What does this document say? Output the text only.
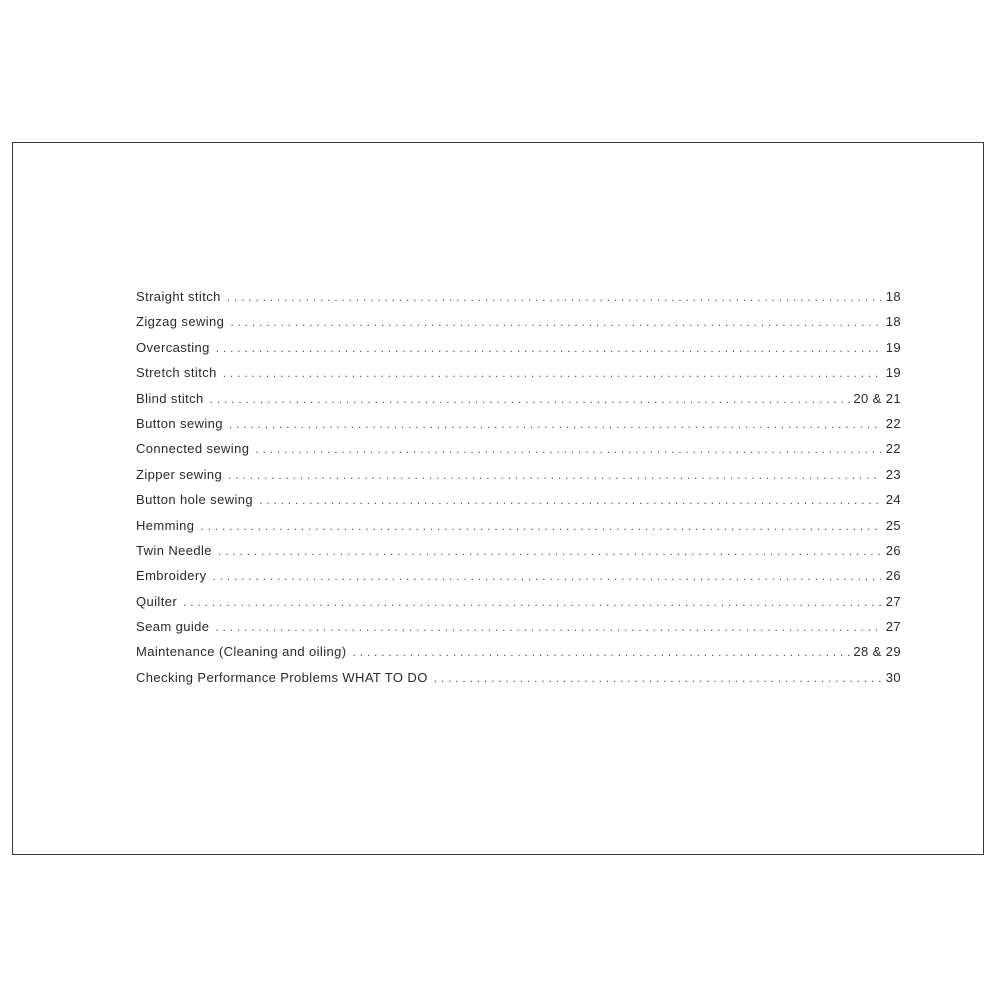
Straight stitch . . .	18
Zigzag sewing . . .	18
Overcasting . . .	19
Stretch stitch . . .	19
Blind stitch . . .	20 & 21
Button sewing . . .	22
Connected sewing . . .	22
Zipper sewing . . .	23
Button hole sewing . . .	24
Hemming . . .	25
Twin Needle . . .	26
Embroidery . . .	26
Quilter . . .	27
Seam guide . . .	27
Maintenance (Cleaning and oiling) . . .	28 & 29
Checking Performance Problems WHAT TO DO . . .	30
